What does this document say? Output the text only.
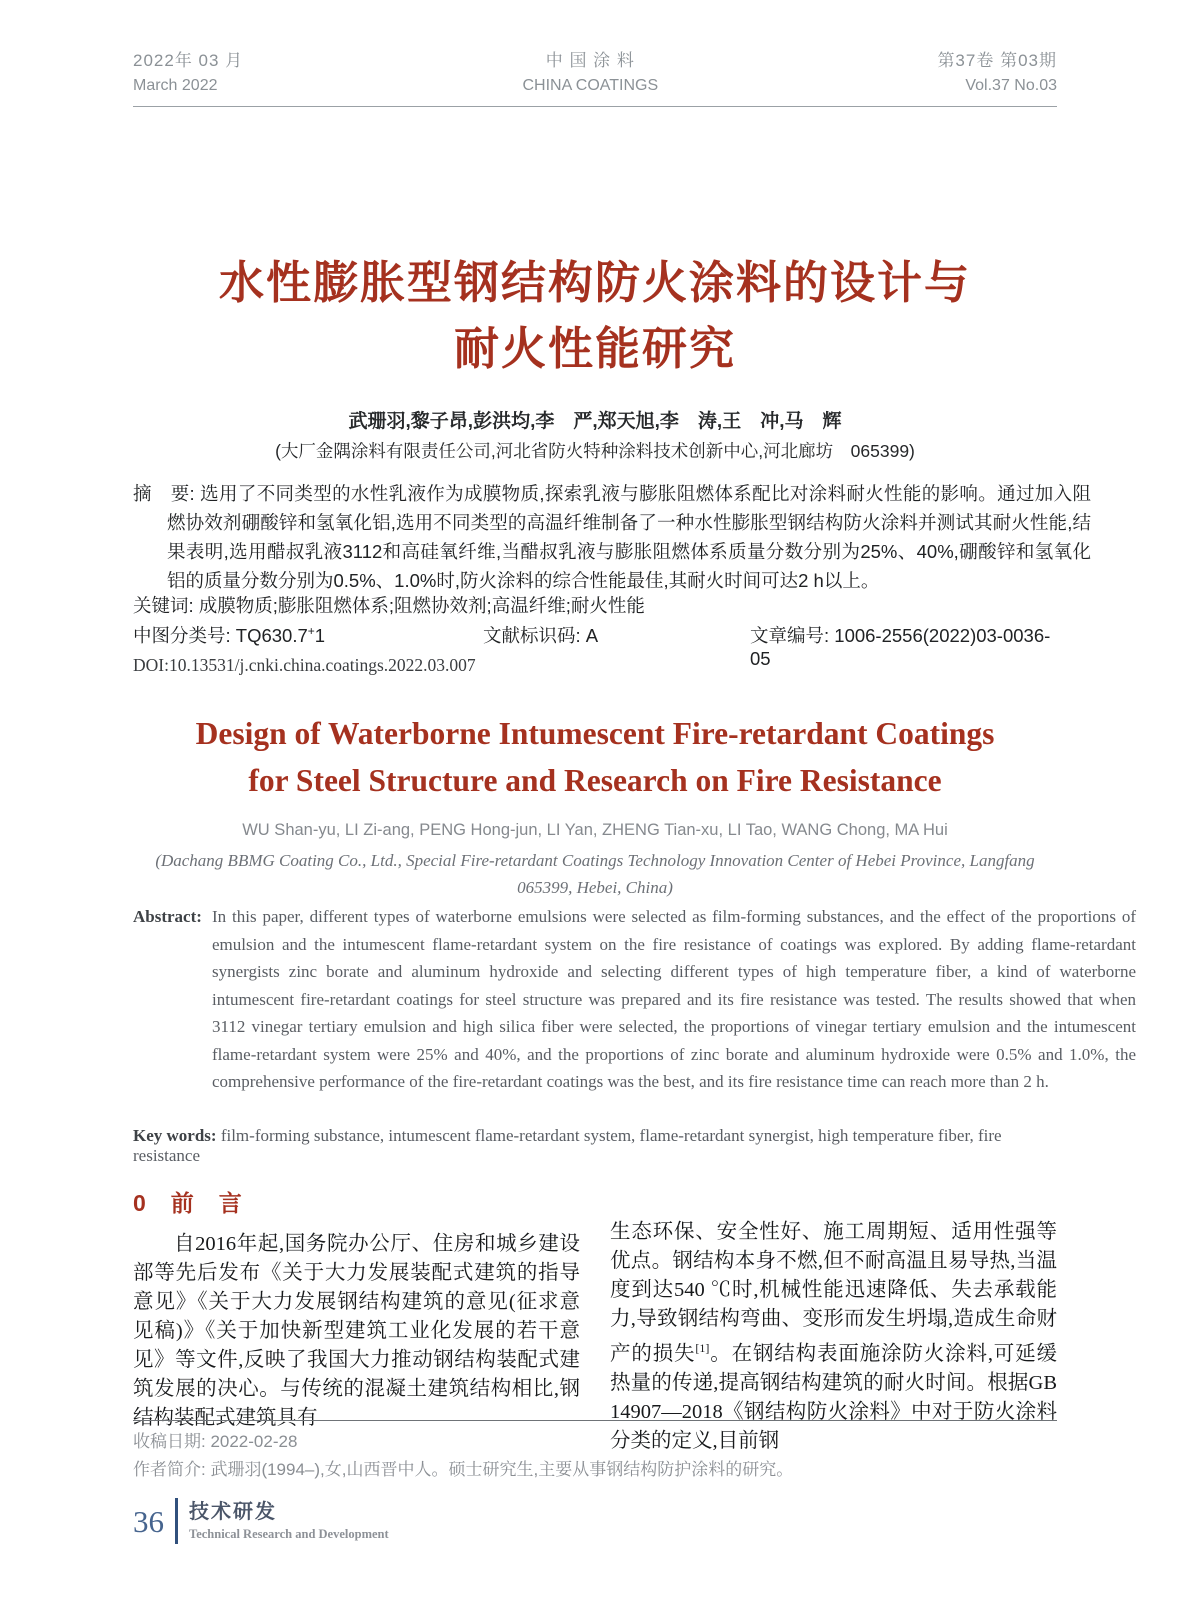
2022年 03 月
March 2022
中 国 涂 料
CHINA COATINGS
第37卷 第03期
Vol.37 No.03
水性膨胀型钢结构防火涂料的设计与
耐火性能研究
武珊羽,黎子昂,彭洪均,李　严,郑天旭,李　涛,王　冲,马　辉
(大厂金隅涂料有限责任公司,河北省防火特种涂料技术创新中心,河北廊坊　065399)
摘　要: 选用了不同类型的水性乳液作为成膜物质,探索乳液与膨胀阻燃体系配比对涂料耐火性能的影响。通过加入阻燃协效剂硼酸锌和氢氧化铝,选用不同类型的高温纤维制备了一种水性膨胀型钢结构防火涂料并测试其耐火性能,结果表明,选用醋叔乳液3112和高硅氧纤维,当醋叔乳液与膨胀阻燃体系质量分数分别为25%、40%,硼酸锌和氢氧化铝的质量分数分别为0.5%、1.0%时,防火涂料的综合性能最佳,其耐火时间可达2 h以上。
关键词: 成膜物质;膨胀阻燃体系;阻燃协效剂;高温纤维;耐火性能
中图分类号: TQ630.7+1	文献标识码: A	文章编号: 1006-2556(2022)03-0036-05
DOI:10.13531/j.cnki.china.coatings.2022.03.007
Design of Waterborne Intumescent Fire-retardant Coatings
for Steel Structure and Research on Fire Resistance
WU Shan-yu, LI Zi-ang, PENG Hong-jun, LI Yan, ZHENG Tian-xu, LI Tao, WANG Chong, MA Hui
(Dachang BBMG Coating Co., Ltd., Special Fire-retardant Coatings Technology Innovation Center of Hebei Province, Langfang 065399, Hebei, China)
Abstract: In this paper, different types of waterborne emulsions were selected as film-forming substances, and the effect of the proportions of emulsion and the intumescent flame-retardant system on the fire resistance of coatings was explored. By adding flame-retardant synergists zinc borate and aluminum hydroxide and selecting different types of high temperature fiber, a kind of waterborne intumescent fire-retardant coatings for steel structure was prepared and its fire resistance was tested. The results showed that when 3112 vinegar tertiary emulsion and high silica fiber were selected, the proportions of vinegar tertiary emulsion and the intumescent flame-retardant system were 25% and 40%, and the proportions of zinc borate and aluminum hydroxide were 0.5% and 1.0%, the comprehensive performance of the fire-retardant coatings was the best, and its fire resistance time can reach more than 2 h.
Key words: film-forming substance, intumescent flame-retardant system, flame-retardant synergist, high temperature fiber, fire resistance
0　前　言
自2016年起,国务院办公厅、住房和城乡建设部等先后发布《关于大力发展装配式建筑的指导意见》《关于大力发展钢结构建筑的意见(征求意见稿)》《关于加快新型建筑工业化发展的若干意见》等文件,反映了我国大力推动钢结构装配式建筑发展的决心。与传统的混凝土建筑结构相比,钢结构装配式建筑具有
生态环保、安全性好、施工周期短、适用性强等优点。钢结构本身不燃,但不耐高温且易导热,当温度到达540 ℃时,机械性能迅速降低、失去承载能力,导致钢结构弯曲、变形而发生坍塌,造成生命财产的损失[1]。在钢结构表面施涂防火涂料,可延缓热量的传递,提高钢结构建筑的耐火时间。根据GB 14907—2018《钢结构防火涂料》中对于防火涂料分类的定义,目前钢
收稿日期: 2022-02-28
作者简介: 武珊羽(1994–),女,山西晋中人。硕士研究生,主要从事钢结构防护涂料的研究。
36 技术研发
Technical Research and Development
